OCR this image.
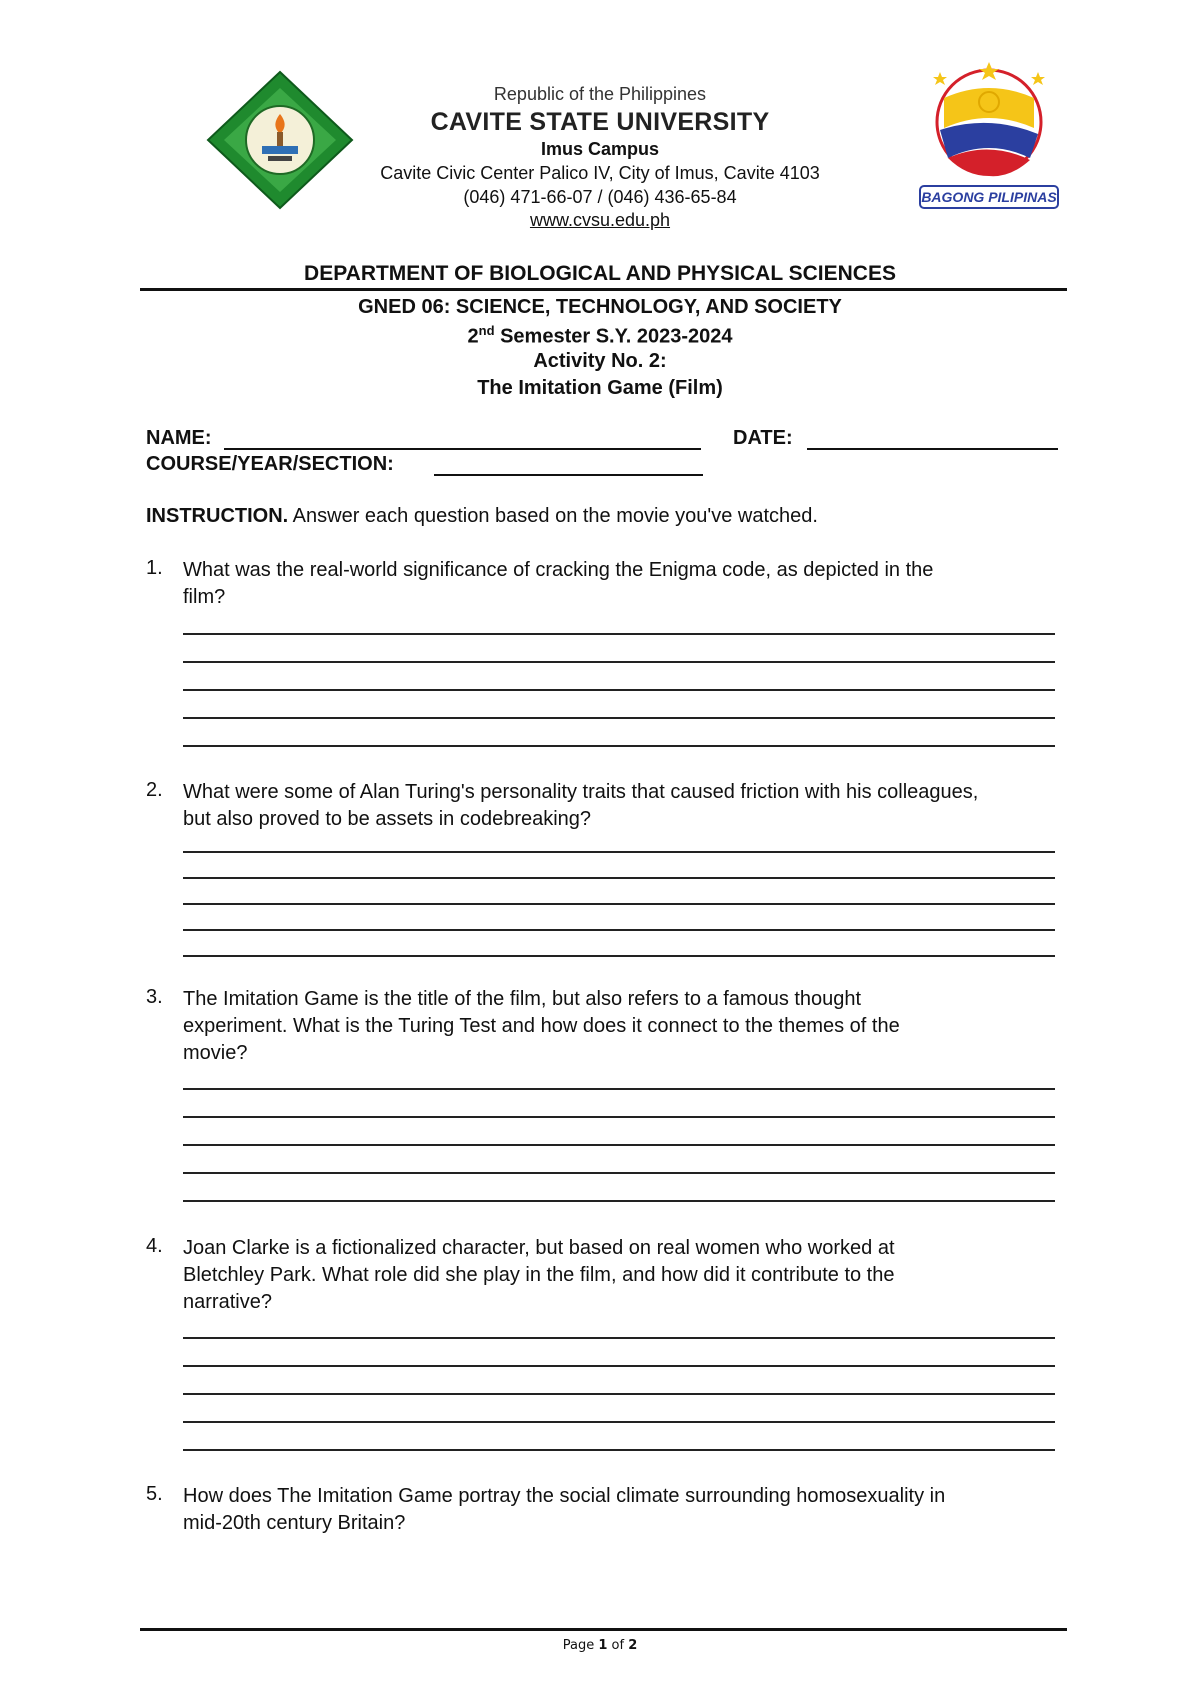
Republic of the Philippines
CAVITE STATE UNIVERSITY
Imus Campus
Cavite Civic Center Palico IV, City of Imus, Cavite 4103
(046) 471-66-07 / (046) 436-65-84
www.cvsu.edu.ph
BAGONG PILIPINAS
DEPARTMENT OF BIOLOGICAL AND PHYSICAL SCIENCES
GNED 06: SCIENCE, TECHNOLOGY, AND SOCIETY
2nd Semester S.Y. 2023-2024
Activity No. 2:
The Imitation Game (Film)
NAME:	DATE:
COURSE/YEAR/SECTION:
INSTRUCTION. Answer each question based on the movie you've watched.
1. What was the real-world significance of cracking the Enigma code, as depicted in the
film?
2. What were some of Alan Turing's personality traits that caused friction with his colleagues,
but also proved to be assets in codebreaking?
3. The Imitation Game is the title of the film, but also refers to a famous thought
experiment. What is the Turing Test and how does it connect to the themes of the
movie?
4. Joan Clarke is a fictionalized character, but based on real women who worked at
Bletchley Park. What role did she play in the film, and how did it contribute to the
narrative?
5. How does The Imitation Game portray the social climate surrounding homosexuality in
mid-20th century Britain?
Page 1 of 2
